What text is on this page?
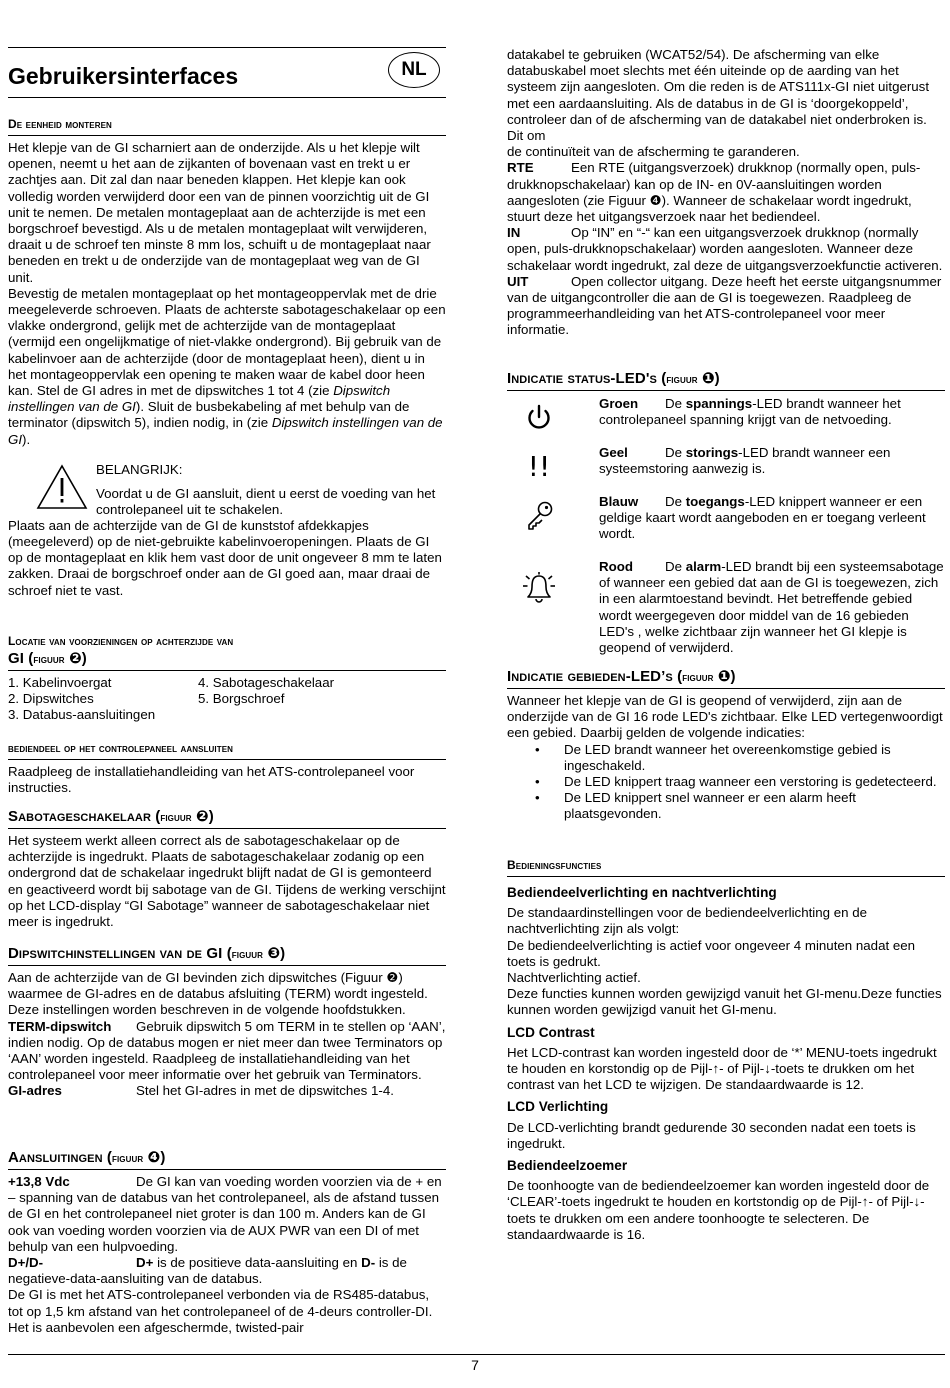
Gebruikersinterfaces	NL
De eenheid monteren

Het klepje van de GI scharniert aan de onderzijde. Als u het klepje wilt openen, neemt u het aan de zijkanten of bovenaan vast en trekt u er zachtjes aan. Dit zal dan naar beneden klappen. Het klepje kan ook volledig worden verwijderd door een van de pinnen voorzichtig uit de GI unit te nemen. De metalen montageplaat aan de achterzijde is met een borgschroef bevestigd. Als u de metalen montageplaat wilt verwijderen, draait u de schroef ten minste 8 mm los, schuift u de montageplaat naar beneden en trekt u de onderzijde van de montageplaat weg van de GI unit.

Bevestig de metalen montageplaat op het montageoppervlak met de drie meegeleverde schroeven. Plaats de achterste sabotageschakelaar op een vlakke ondergrond, gelijk met de achterzijde van de montageplaat (vermijd een ongelijkmatige of niet-vlakke ondergrond). Bij gebruik van de kabelinvoer aan de achterzijde (door de montageplaat heen), dient u in het montageoppervlak een opening te maken waar de kabel door heen kan. Stel de GI adres in met de dipswitches 1 tot 4 (zie Dipswitch instellingen van de GI). Sluit de busbekabeling af met behulp van de terminator (dipswitch 5), indien nodig, in (zie Dipswitch instellingen van de GI).

BELANGRIJK:
Voordat u de GI aansluit, dient u eerst de voeding van het controlepaneel uit te schakelen.

Plaats aan de achterzijde van de GI de kunststof afdekkapjes (meegeleverd) op de niet-gebruikte kabelinvoeropeningen. Plaats de GI op de montageplaat en klik hem vast door de unit ongeveer 8 mm te laten zakken. Draai de borgschroef onder aan de GI goed aan, maar draai de schroef niet te vast.

Locatie van voorzieningen op achterzijde van
GI (figuur ❷)
1. Kabelinvoergat	4. Sabotageschakelaar
2. Dipswitches	5. Borgschroef
3. Databus-aansluitingen
bediendeel op het controlepaneel aansluiten

Raadpleeg de installatiehandleiding van het ATS-controlepaneel voor instructies.

Sabotageschakelaar (figuur ❷)

Het systeem werkt alleen correct als de sabotageschakelaar op de achterzijde is ingedrukt. Plaats de sabotageschakelaar zodanig op een ondergrond dat de schakelaar ingedrukt blijft nadat de GI is gemonteerd en geactiveerd wordt bij sabotage van de GI. Tijdens de werking verschijnt op het LCD-display “GI Sabotage” wanneer de sabotageschakelaar niet meer is ingedrukt.

Dipswitchinstellingen van de GI (figuur ❸)

Aan de achterzijde van de GI bevinden zich dipswitches (Figuur ❷) waarmee de GI-adres en de databus afsluiting (TERM) wordt ingesteld. Deze instellingen worden beschreven in de volgende hoofdstukken.

TERM-dipswitch Gebruik dipswitch 5 om TERM in te stellen op ‘AAN’, indien nodig. Op de databus mogen er niet meer dan twee Terminators op ‘AAN’ worden ingesteld. Raadpleeg de installatiehandleiding van het controlepaneel voor meer informatie over het gebruik van Terminators.

GI-adres	Stel het GI-adres in met de dipswitches 1-4.

Aansluitingen (figuur ❹)

+13,8 Vdc	De GI kan van voeding worden voorzien via de + en – spanning van de databus van het controlepaneel, als de afstand tussen de GI en het controlepaneel niet groter is dan 100 m. Anders kan de GI ook van voeding worden voorzien via de AUX PWR van een DI of met behulp van een hulpvoeding.

D+/D-	D+ is de positieve data-aansluiting en D- is de negatieve-data-aansluiting van de databus.

De GI is met het ATS-controlepaneel verbonden via de RS485-databus, tot op 1,5 km afstand van het controlepaneel of de 4-deurs controller-DI. Het is aanbevolen een afgeschermde, twisted-pair

datakabel te gebruiken (WCAT52/54). De afscherming van elke databuskabel moet slechts met één uiteinde op de aarding van het systeem zijn aangesloten. Om die reden is de ATS111x-GI niet uitgerust met een aardaansluiting. Als de databus in de GI is ‘doorgekoppeld’, controleer dan of de afscherming van de datakabel niet onderbroken is. Dit om

de continuïteit van de afscherming te garanderen.

RTE	Een RTE (uitgangsverzoek) drukknop (normally open, puls-drukknopschakelaar) kan op de IN- en 0V-aansluitingen worden aangesloten (zie Figuur ❹). Wanneer de schakelaar wordt ingedrukt, stuurt deze het uitgangsverzoek naar het bediendeel.

IN	Op “IN” en “-“ kan een uitgangsverzoek drukknop (normally open, puls-drukknopschakelaar) worden aangesloten. Wanneer deze schakelaar wordt ingedrukt, zal deze de uitgangsverzoekfunctie activeren.

UIT	Open collector uitgang. Deze heeft het eerste uitgangsnummer van de uitgangcontroller die aan de GI is toegewezen. Raadpleeg de programmeerhandleiding van het ATS-controlepaneel voor meer informatie.

Indicatie status-LED's (figuur ❶)
Groen De spannings-LED brandt wanneer het controlepaneel spanning krijgt van de netvoeding.
!!	Geel	De storings-LED brandt wanneer een systeemstoring aanwezig is.
Blauw De toegangs-LED knippert wanneer er een geldige kaart wordt aangeboden en er toegang verleent wordt.
Rood De alarm-LED brandt bij een systeemsabotage of wanneer een gebied dat aan de GI is toegewezen, zich in een alarmtoestand bevindt. Het betreffende gebied wordt weergegeven door middel van de 16 gebieden LED's , welke zichtbaar zijn wanneer het GI klepje is geopend of verwijderd.
Indicatie gebieden-LED’s (figuur ❶)

Wanneer het klepje van de GI is geopend of verwijderd, zijn aan de onderzijde van de GI 16 rode LED's zichtbaar. Elke LED vertegenwoordigt een gebied. Daarbij gelden de volgende indicaties:

• De LED brandt wanneer het overeenkomstige gebied is ingeschakeld.
• De LED knippert traag wanneer een verstoring is gedetecteerd.
• De LED knippert snel wanneer er een alarm heeft plaatsgevonden.
Bedieningsfuncties
Bediendeelverlichting en nachtverlichting

De standaardinstellingen voor de bediendeelverlichting en de nachtverlichting zijn als volgt:

De bediendeelverlichting is actief voor ongeveer 4 minuten nadat een toets is gedrukt.

Nachtverlichting actief.

Deze functies kunnen worden gewijzigd vanuit het GI-menu.Deze functies kunnen worden gewijzigd vanuit het GI-menu.

LCD Contrast

Het LCD-contrast kan worden ingesteld door de ‘*’ MENU-toets ingedrukt te houden en korstondig op de Pijl-↑- of Pijl-↓-toets te drukken om het contrast van het LCD te wijzigen. De standaardwaarde is 12.

LCD Verlichting

De LCD-verlichting brandt gedurende 30 seconden nadat een toets is ingedrukt.

Bediendeelzoemer

De toonhoogte van de bediendeelzoemer kan worden ingesteld door de ‘CLEAR’-toets ingedrukt te houden en kortstondig op de Pijl-↑- of Pijl-↓-toets te drukken om een andere toonhoogte te selecteren. De standaardwaarde is 16.

7
